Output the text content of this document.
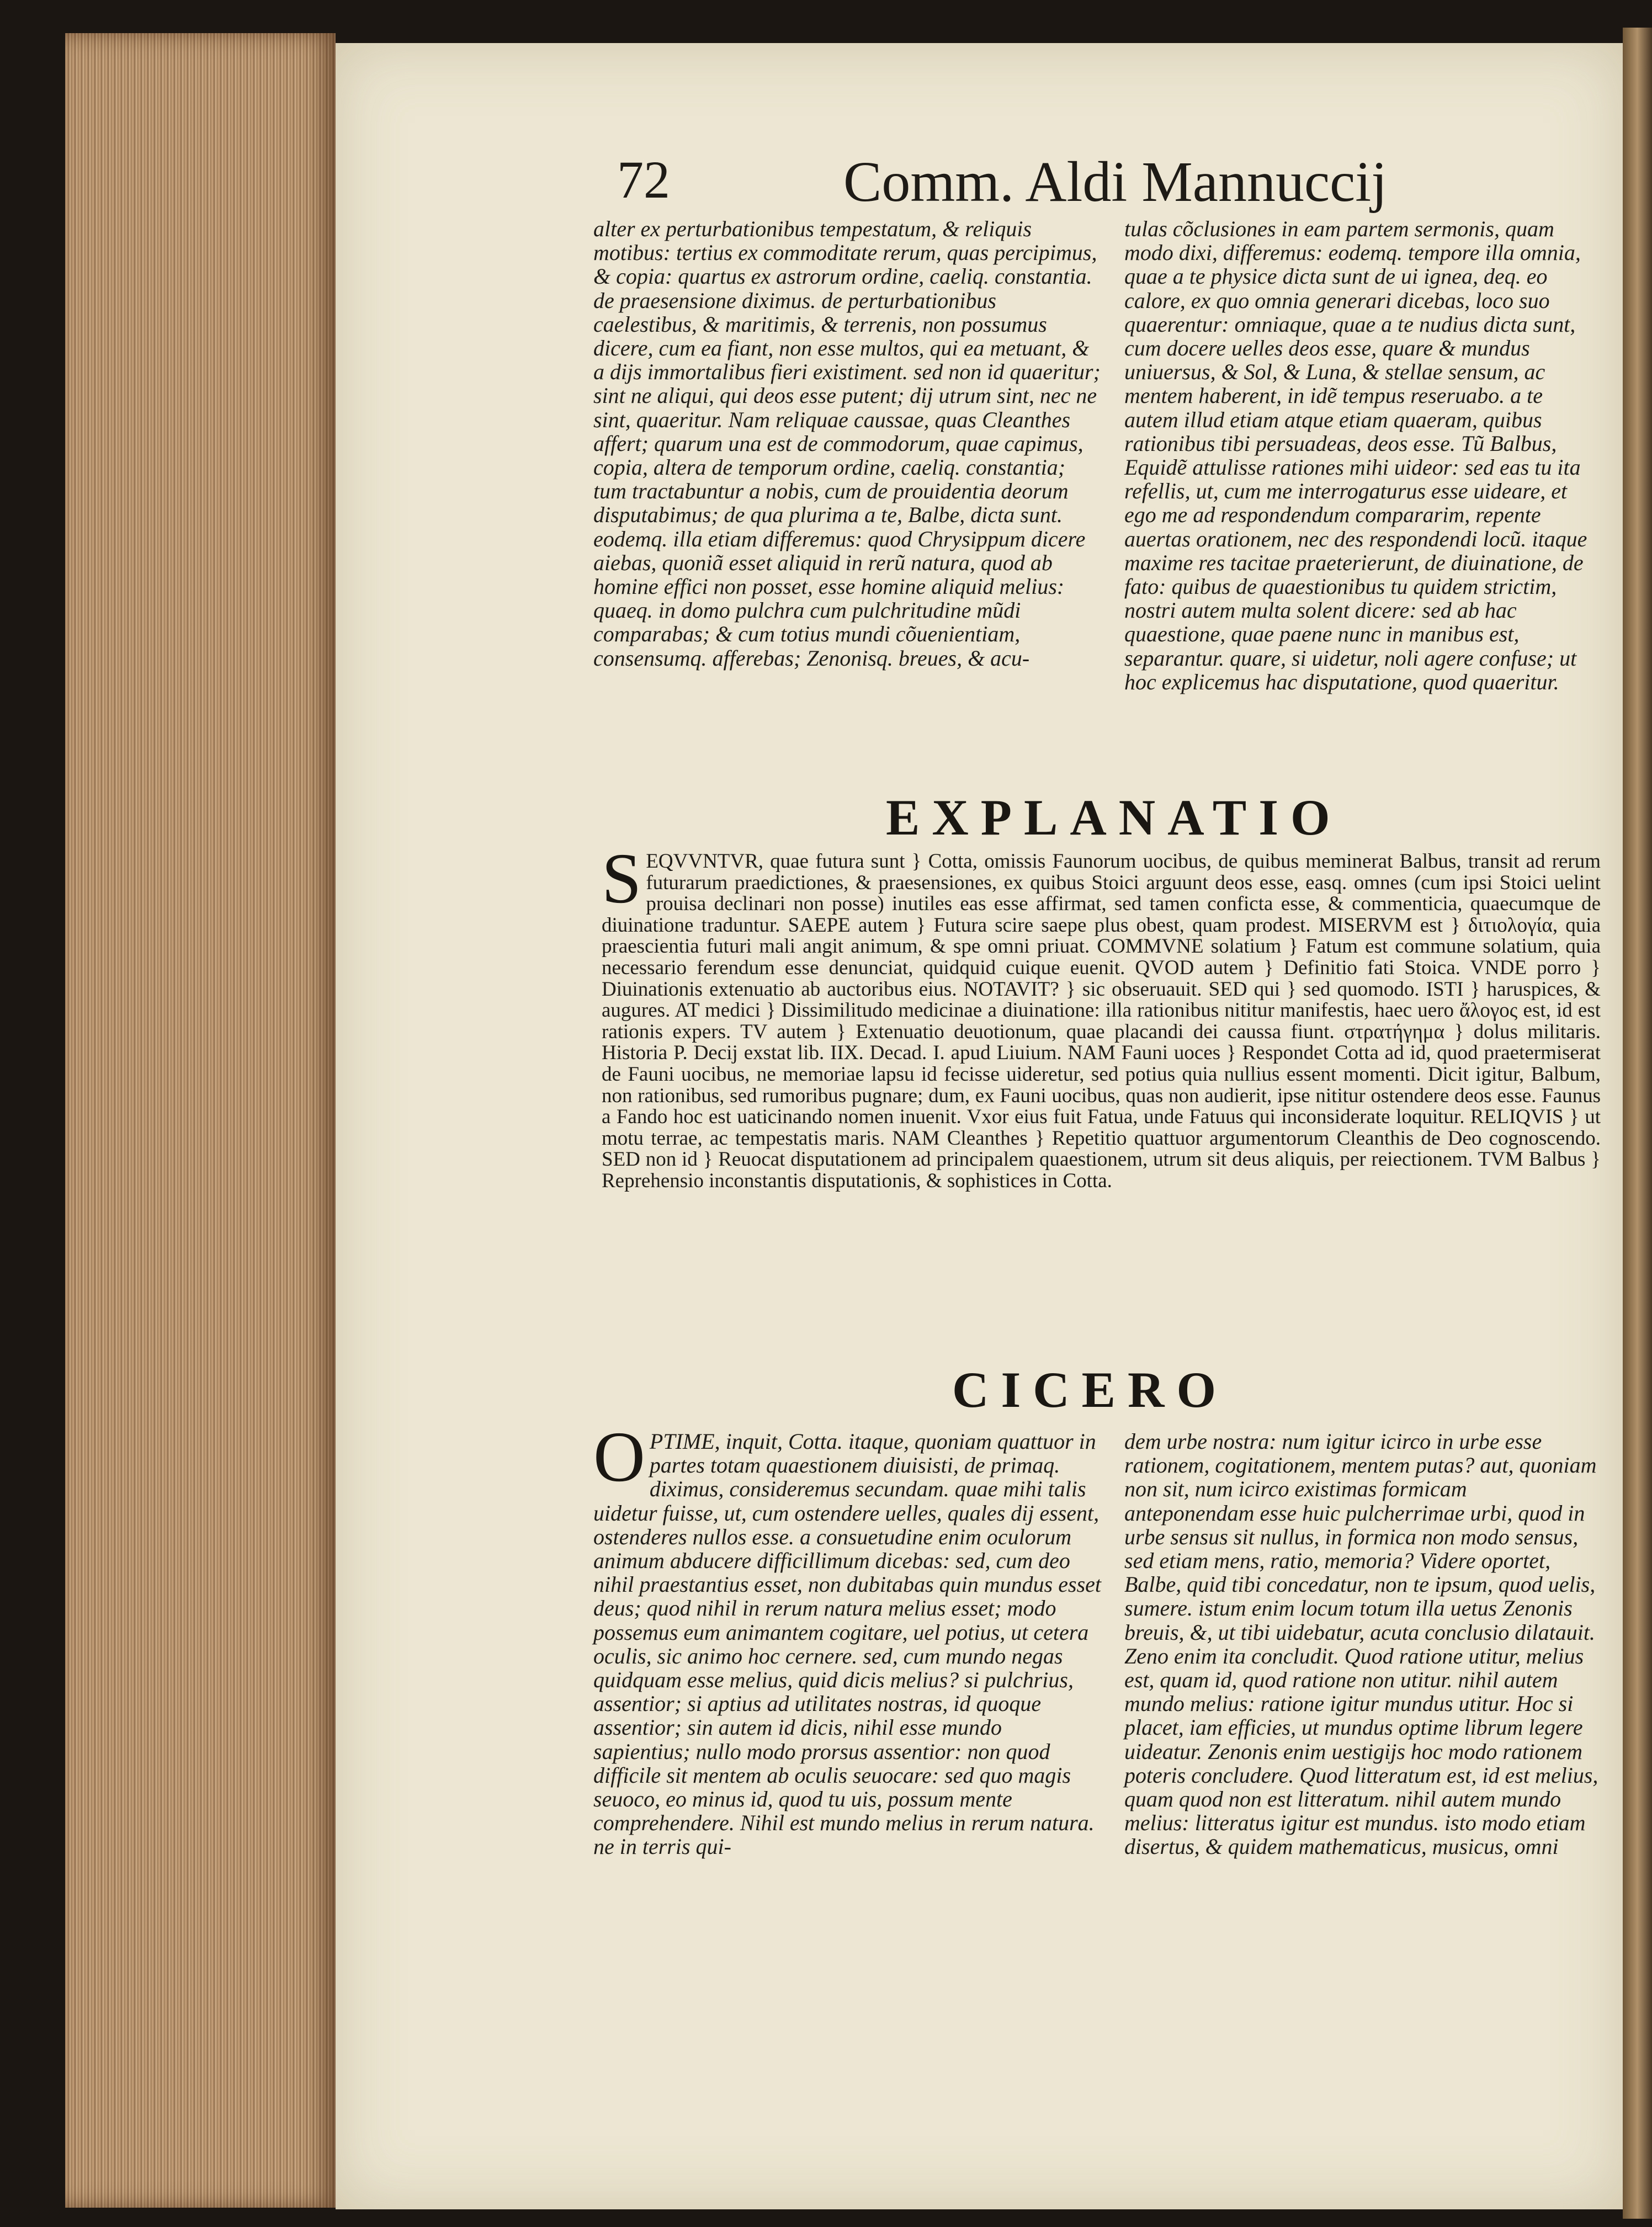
72	Comm. Aldi Mannuccij

alter ex perturbationibus tempestatum, & reliquis motibus: tertius ex commoditate rerum, quas percipimus, & copia: quartus ex astrorum ordine, caeliq. constantia. de praesensione diximus. de perturbationibus caelestibus, & maritimis, & terrenis, non possumus dicere, cum ea fiant, non esse multos, qui ea metuant, & a dijs immortalibus fieri existiment. sed non id quaeritur; sint ne aliqui, qui deos esse putent; dij utrum sint, nec ne sint, quaeritur. Nam reliquae caussae, quas Cleanthes affert; quarum una est de commodorum, quae capimus, copia, altera de temporum ordine, caeliq. constantia; tum tractabuntur a nobis, cum de prouidentia deorum disputabimus; de qua plurima a te, Balbe, dicta sunt. eodemq. illa etiam differemus: quod Chrysippum dicere aiebas, quoniã esset aliquid in rerũ natura, quod ab homine effici non posset, esse homine aliquid melius: quaeq. in domo pulchra cum pulchritudine mũdi comparabas; & cum totius mundi cõuenientiam, consensumq. afferebas; Zenonisq. breues, & acu-

tulas cõclusiones in eam partem sermonis, quam modo dixi, differemus: eodemq. tempore illa omnia, quae a te physice dicta sunt de ui ignea, deq. eo calore, ex quo omnia generari dicebas, loco suo quaerentur: omniaque, quae a te nudius dicta sunt, cum docere uelles deos esse, quare & mundus uniuersus, & Sol, & Luna, & stellae sensum, ac mentem haberent, in idẽ tempus reseruabo. a te autem illud etiam atque etiam quaeram, quibus rationibus tibi persuadeas, deos esse. Tũ Balbus, Equidẽ attulisse rationes mihi uideor: sed eas tu ita refellis, ut, cum me interrogaturus esse uideare, et ego me ad respondendum compararim, repente auertas orationem, nec des respondendi locũ. itaque maxime res tacitae praeterierunt, de diuinatione, de fato: quibus de quaestionibus tu quidem strictim, nostri autem multa solent dicere: sed ab hac quaestione, quae paene nunc in manibus est, separantur. quare, si uidetur, noli agere confuse; ut hoc explicemus hac disputatione, quod quaeritur.

EXPLANATIO
SEQVVNTVR, quae futura sunt } Cotta, omissis Faunorum uocibus, de quibus meminerat Balbus, transit ad rerum futurarum praedictiones, & praesensiones, ex quibus Stoici arguunt deos esse, easq. omnes (cum ipsi Stoici uelint prouisa declinari non posse) inutiles eas esse affirmat, sed tamen conficta esse, & commenticia, quaecumque de diuinatione traduntur. SAEPE autem } Futura scire saepe plus obest, quam prodest. MISERVM est } διτιολογία, quia praescientia futuri mali angit animum, & spe omni priuat. COMMVNE solatium } Fatum est commune solatium, quia necessario ferendum esse denunciat, quidquid cuique euenit. QVOD autem } Definitio fati Stoica. VNDE porro } Diuinationis extenuatio ab auctoribus eius. NOTAVIT? } sic obseruauit. SED qui } sed quomodo. ISTI } haruspices, & augures. AT medici } Dissimilitudo medicinae a diuinatione: illa rationibus nititur manifestis, haec uero ἄλογος est, id est rationis expers. TV autem } Extenuatio deuotionum, quae placandi dei caussa fiunt. στρατήγημα } dolus militaris. Historia P. Decij exstat lib. IIX. Decad. I. apud Liuium. NAM Fauni uoces } Respondet Cotta ad id, quod praetermiserat de Fauni uocibus, ne memoriae lapsu id fecisse uideretur, sed potius quia nullius essent momenti. Dicit igitur, Balbum, non rationibus, sed rumoribus pugnare; dum, ex Fauni uocibus, quas non audierit, ipse nititur ostendere deos esse. Faunus a Fando hoc est uaticinando nomen inuenit. Vxor eius fuit Fatua, unde Fatuus qui inconsiderate loquitur. RELIQVIS } ut motu terrae, ac tempestatis maris. NAM Cleanthes } Repetitio quattuor argumentorum Cleanthis de Deo cognoscendo. SED non id } Reuocat disputationem ad principalem quaestionem, utrum sit deus aliquis, per reiectionem. TVM Balbus } Reprehensio inconstantis disputationis, & sophistices in Cotta.
CICERO
OPTIME, inquit, Cotta. itaque, quoniam quattuor in partes totam quaestionem diuisisti, de primaq. diximus, consideremus secundam. quae mihi talis uidetur fuisse, ut, cum ostendere uelles, quales dij essent, ostenderes nullos esse. a consuetudine enim oculorum animum abducere difficillimum dicebas: sed, cum deo nihil praestantius esset, non dubitabas quin mundus esset deus; quod nihil in rerum natura melius esset; modo possemus eum animantem cogitare, uel potius, ut cetera oculis, sic animo hoc cernere. sed, cum mundo negas quidquam esse melius, quid dicis melius? si pulchrius, assentior; si aptius ad utilitates nostras, id quoque assentior; sin autem id dicis, nihil esse mundo sapientius; nullo modo prorsus assentior: non quod difficile sit mentem ab oculis seuocare: sed quo magis seuoco, eo minus id, quod tu uis, possum mente comprehendere. Nihil est mundo melius in rerum natura. ne in terris qui-

dem urbe nostra: num igitur icirco in urbe esse rationem, cogitationem, mentem putas? aut, quoniam non sit, num icirco existimas formicam anteponendam esse huic pulcherrimae urbi, quod in urbe sensus sit nullus, in formica non modo sensus, sed etiam mens, ratio, memoria? Videre oportet, Balbe, quid tibi concedatur, non te ipsum, quod uelis, sumere. istum enim locum totum illa uetus Zenonis breuis, &, ut tibi uidebatur, acuta conclusio dilatauit. Zeno enim ita concludit. Quod ratione utitur, melius est, quam id, quod ratione non utitur. nihil autem mundo melius: ratione igitur mundus utitur. Hoc si placet, iam efficies, ut mundus optime librum legere uideatur. Zenonis enim uestigijs hoc modo rationem poteris concludere. Quod litteratum est, id est melius, quam quod non est litteratum. nihil autem mundo melius: litteratus igitur est mundus. isto modo etiam disertus, & quidem mathematicus, musicus, omni
